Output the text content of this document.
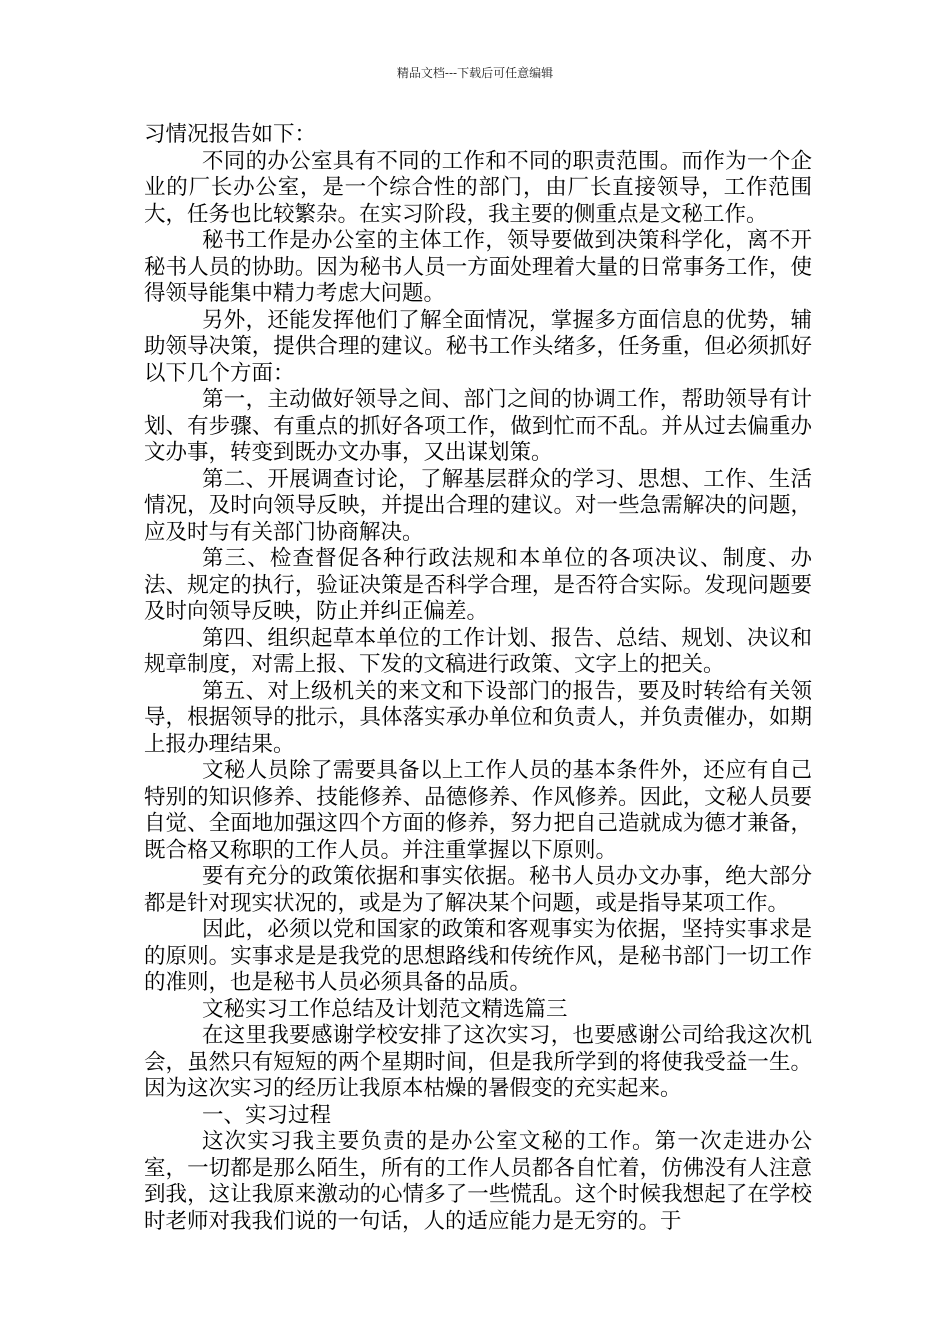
精品文档---下载后可任意编辑

习情况报告如下：

不同的办公室具有不同的工作和不同的职责范围。而作为一个企业的厂长办公室，是一个综合性的部门，由厂长直接领导，工作范围大，任务也比较繁杂。在实习阶段，我主要的侧重点是文秘工作。

秘书工作是办公室的主体工作，领导要做到决策科学化，离不开秘书人员的协助。因为秘书人员一方面处理着大量的日常事务工作，使得领导能集中精力考虑大问题。

另外，还能发挥他们了解全面情况，掌握多方面信息的优势，辅助领导决策，提供合理的建议。秘书工作头绪多，任务重，但必须抓好以下几个方面：

第一，主动做好领导之间、部门之间的协调工作，帮助领导有计划、有步骤、有重点的抓好各项工作，做到忙而不乱。并从过去偏重办文办事，转变到既办文办事，又出谋划策。

第二、开展调查讨论，了解基层群众的学习、思想、工作、生活情况，及时向领导反映，并提出合理的建议。对一些急需解决的问题，应及时与有关部门协商解决。

第三、检查督促各种行政法规和本单位的各项决议、制度、办法、规定的执行，验证决策是否科学合理，是否符合实际。发现问题要及时向领导反映，防止并纠正偏差。

第四、组织起草本单位的工作计划、报告、总结、规划、决议和规章制度，对需上报、下发的文稿进行政策、文字上的把关。

第五、对上级机关的来文和下设部门的报告，要及时转给有关领导，根据领导的批示，具体落实承办单位和负责人，并负责催办，如期上报办理结果。

文秘人员除了需要具备以上工作人员的基本条件外，还应有自己特别的知识修养、技能修养、品德修养、作风修养。因此，文秘人员要自觉、全面地加强这四个方面的修养，努力把自己造就成为德才兼备，既合格又称职的工作人员。并注重掌握以下原则。

要有充分的政策依据和事实依据。秘书人员办文办事，绝大部分都是针对现实状况的，或是为了解决某个问题，或是指导某项工作。

因此，必须以党和国家的政策和客观事实为依据，坚持实事求是的原则。实事求是是我党的思想路线和传统作风，是秘书部门一切工作的准则，也是秘书人员必须具备的品质。

文秘实习工作总结及计划范文精选篇三

在这里我要感谢学校安排了这次实习，也要感谢公司给我这次机会，虽然只有短短的两个星期时间，但是我所学到的将使我受益一生。因为这次实习的经历让我原本枯燥的暑假变的充实起来。

一、实习过程

这次实习我主要负责的是办公室文秘的工作。第一次走进办公室，一切都是那么陌生，所有的工作人员都各自忙着，仿佛没有人注意到我，这让我原来激动的心情多了一些慌乱。这个时候我想起了在学校时老师对我我们说的一句话，人的适应能力是无穷的。于
